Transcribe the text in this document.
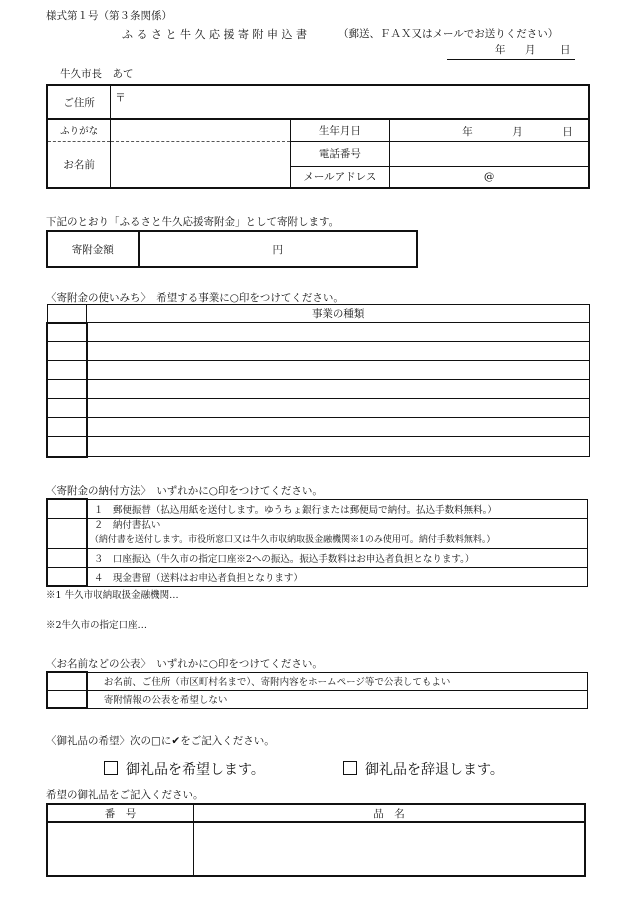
様式第１号（第３条関係）
ふるさと牛久応援寄附申込書	（郵送、ＦＡＸ又はメールでお送りください）
年 月 日
牛久市長　あて
ご住所	〒		
ふりがな		生年月日	年 月 日

お名前		電話番号	
		メールアドレス	@
下記のとおり「ふるさと牛久応援寄附金」として寄附します。
寄附金額	円
〈寄附金の使いみち〉　希望する事業に○印をつけてください。
	事業の種類

〈寄附金の納付方法〉　いずれかに○印をつけてください。
	１　郵便振替（払込用紙を送付します。ゆうちょ銀行または郵便局で納付。払込手数料無料。）

	２　納付書払い
（納付書を送付します。市役所窓口又は牛久市収納取扱金融機関※1のみ使用可。納付手数料無料。）

	３　口座振込（牛久市の指定口座※2への振込。振込手数料はお申込者負担となります。）
	４　現金書留（送料はお申込者負担となります）
※1 牛久市収納取扱金融機関…
※2牛久市の指定口座…
〈お名前などの公表〉　いずれかに○印をつけてください。
	お名前、ご住所（市区町村名まで）、寄附内容をホームページ等で公表してもよい
	寄附情報の公表を希望しない
〈御礼品の希望〉次の□に✔をご記入ください。
御礼品を希望します。	御礼品を辞退します。
希望の御礼品をご記入ください。
番　号	品　名
